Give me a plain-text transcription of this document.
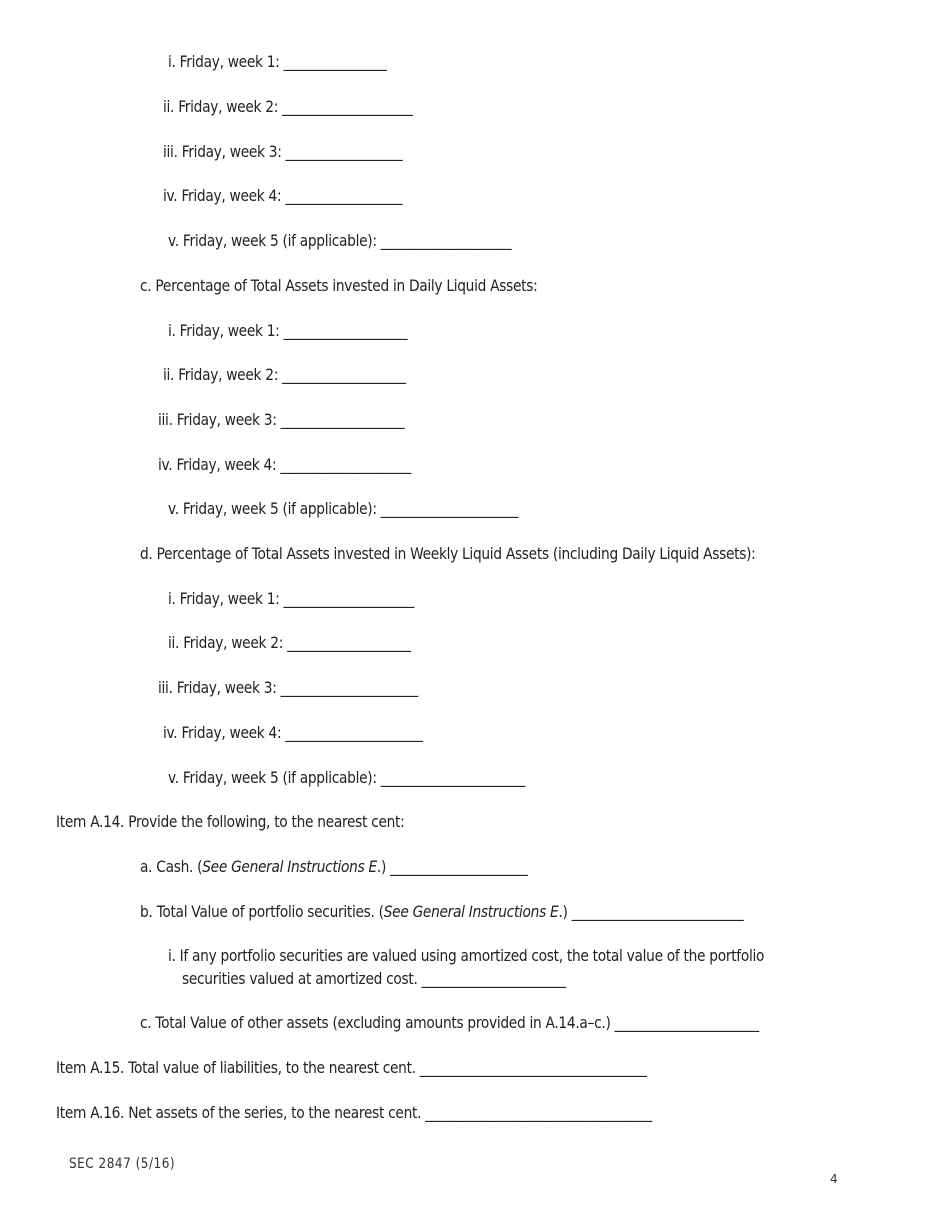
i. Friday, week 1: _______________
ii. Friday, week 2: ___________________
iii. Friday, week 3: _________________
iv. Friday, week 4: _________________
v. Friday, week 5 (if applicable): ___________________
c. Percentage of Total Assets invested in Daily Liquid Assets:
i. Friday, week 1: __________________
ii. Friday, week 2: __________________
iii. Friday, week 3: __________________
iv. Friday, week 4: ___________________
v. Friday, week 5 (if applicable): ____________________
d. Percentage of Total Assets invested in Weekly Liquid Assets (including Daily Liquid Assets):
i. Friday, week 1: ___________________
ii. Friday, week 2: __________________
iii. Friday, week 3: ____________________
iv. Friday, week 4: ____________________
v. Friday, week 5 (if applicable): _____________________
Item A.14. Provide the following, to the nearest cent:
a. Cash. (See General Instructions E.) ____________________
b. Total Value of portfolio securities. (See General Instructions E.) _________________________
i. If any portfolio securities are valued using amortized cost, the total value of the portfolio
securities valued at amortized cost. _____________________
c. Total Value of other assets (excluding amounts provided in A.14.a–c.) _____________________
Item A.15. Total value of liabilities, to the nearest cent. _________________________________
Item A.16. Net assets of the series, to the nearest cent. _________________________________
SEC 2847 (5/16)
4
